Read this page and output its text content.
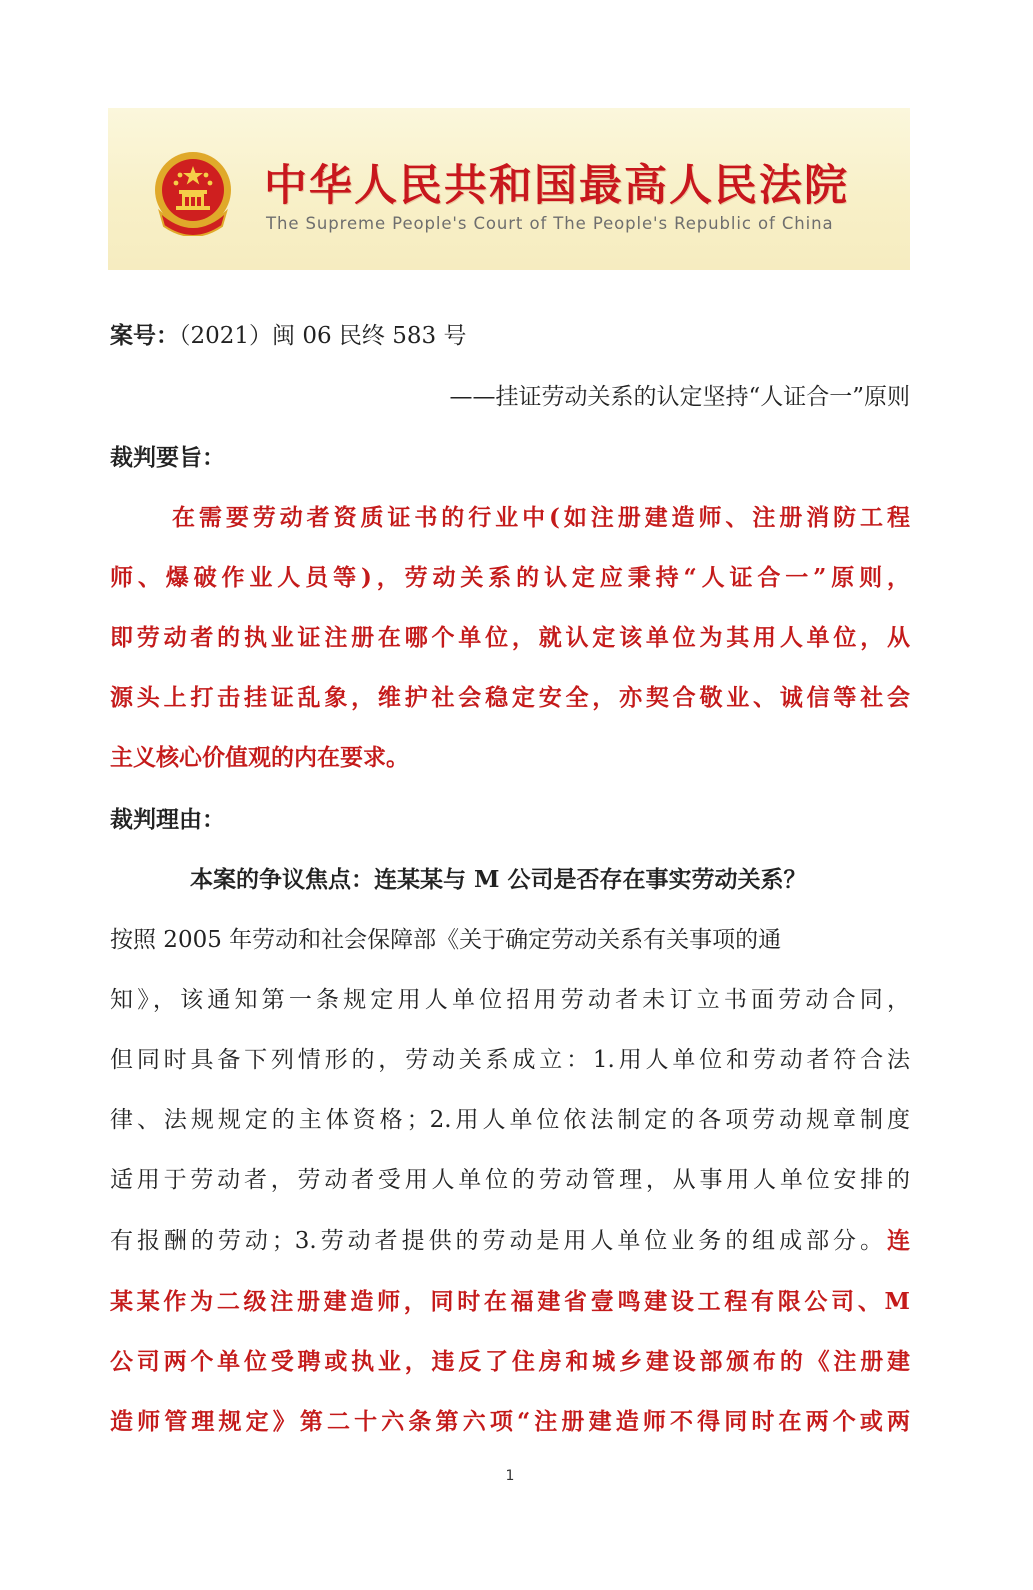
中华人民共和国最高人民法院
The Supreme People's Court of The People's Republic of China
案号：（2021）闽 06 民终 583 号
——挂证劳动关系的认定坚持“人证合一”原则
裁判要旨：
在需要劳动者资质证书的行业中(如注册建造师、注册消防工程
师、爆破作业人员等)，劳动关系的认定应秉持“人证合一”原则，
即劳动者的执业证注册在哪个单位，就认定该单位为其用人单位，从
源头上打击挂证乱象，维护社会稳定安全，亦契合敬业、诚信等社会
主义核心价值观的内在要求。
裁判理由：
本案的争议焦点：连某某与 M 公司是否存在事实劳动关系？
按照 2005 年劳动和社会保障部《关于确定劳动关系有关事项的通
知》，该通知第一条规定用人单位招用劳动者未订立书面劳动合同，
但同时具备下列情形的，劳动关系成立：1.用人单位和劳动者符合法
律、法规规定的主体资格；2.用人单位依法制定的各项劳动规章制度
适用于劳动者，劳动者受用人单位的劳动管理，从事用人单位安排的
有报酬的劳动；3.劳动者提供的劳动是用人单位业务的组成部分。连
某某作为二级注册建造师，同时在福建省壹鸣建设工程有限公司、M
公司两个单位受聘或执业，违反了住房和城乡建设部颁布的《注册建
造师管理规定》第二十六条第六项“注册建造师不得同时在两个或两
1
